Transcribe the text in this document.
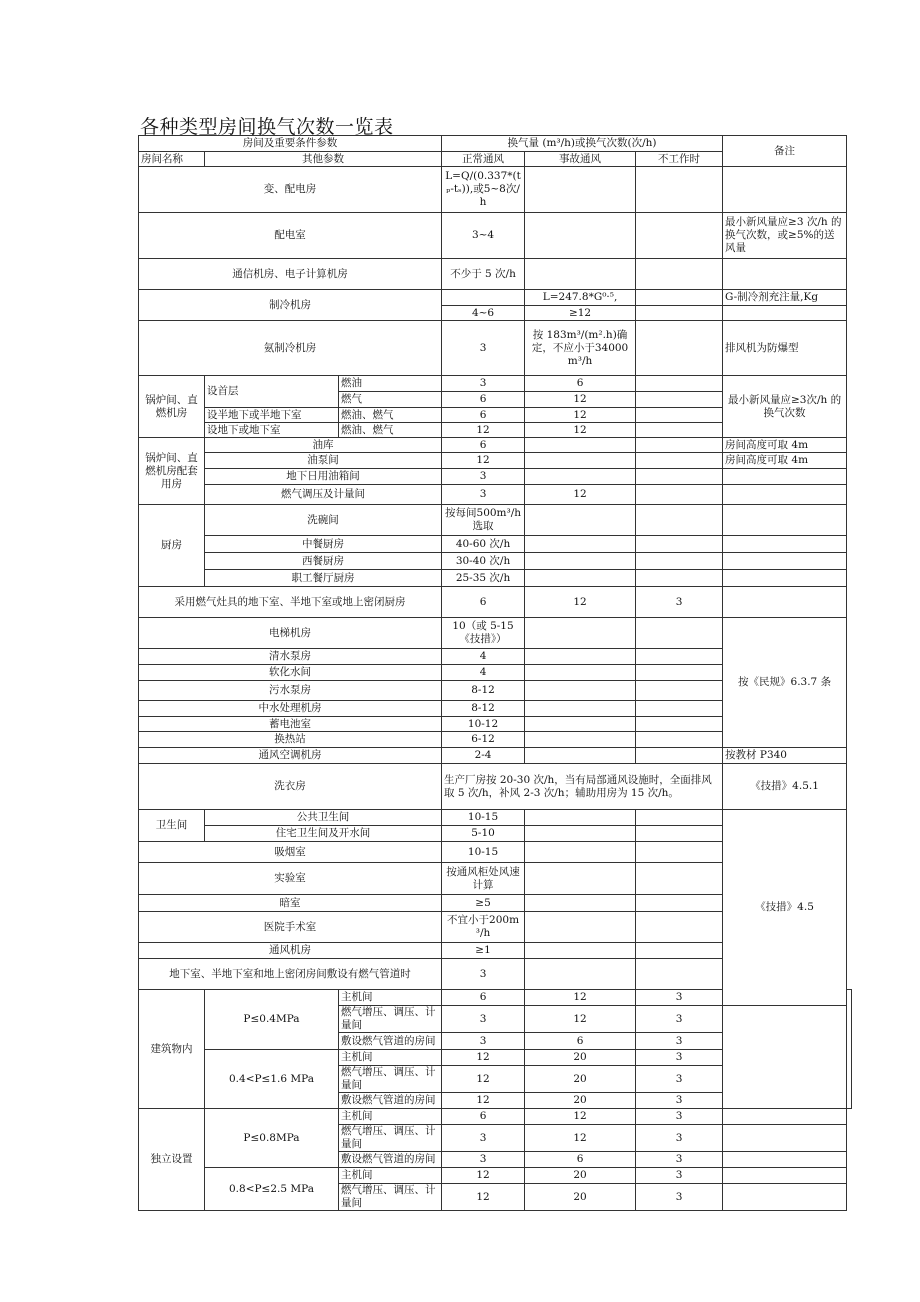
各种类型房间换气次数一览表
房间及重要条件参数			换气量 (m³/h)或换气次数(次/h)			备注	
房间名称	其他参数		正常通风	事故通风	不工作时		
变、配电房			L=Q/(0.337*(tₚ-tₛ)),或5~8次/h				
配电室			3~4			最小新风量应≥3 次/h 的换气次数，或≥5%的送风量	
通信机房、电子计算机房			不少于 5 次/h				
制冷机房				L=247.8*G⁰·⁵,		G-制冷剂充注量,Kg	
			4~6	≥12			
氨制冷机房			3	按 183m³/(m².h)确定，不应小于34000m³/h		排风机为防爆型	
锅炉间、直燃机房	设首层	燃油	3	6		最小新风量应≥3次/h 的换气次数	
		燃气	6	12			
	设半地下或半地下室	燃油、燃气	6	12			
	设地下或地下室	燃油、燃气	12	12			
锅炉间、直燃机房配套用房	油库		6			房间高度可取 4m	
	油泵间		12			房间高度可取 4m	
	地下日用油箱间		3				
	燃气调压及计量间		3	12			
厨房	洗碗间		按每间500m³/h 选取				
	中餐厨房		40-60 次/h				
	西餐厨房		30-40 次/h				
	职工餐厅厨房		25-35 次/h				
采用燃气灶具的地下室、半地下室或地上密闭厨房			6	12	3		
电梯机房			10（或 5-15《技措》）			按《民规》6.3.7 条	
清水泵房			4				
软化水间			4				
污水泵房			8-12				
中水处理机房			8-12				
蓄电池室			10-12				
换热站			6-12				
通风空调机房			2-4			按教材 P340	
洗衣房			生产厂房按 20-30 次/h，当有局部通风设施时，全面排风取 5 次/h，补风 2-3 次/h；辅助用房为 15 次/h。			《技措》4.5.1	
卫生间	公共卫生间		10-15			《技措》4.5	
	住宅卫生间及开水间		5-10				
吸烟室			10-15				
实验室			按通风柜处风速计算				
暗室			≥5				
医院手术室			不宜小于200m³/h				
通风机房			≥1				
地下室、半地下室和地上密闭房间敷设有燃气管道时			3				
建筑物内	P≤0.4MPa	主机间	6	12	3		
		燃气增压、调压、计量间	3	12	3		
		敷设燃气管道的房间	3	6	3		
	0.4<P≤1.6 MPa	主机间	12	20	3		
		燃气增压、调压、计量间	12	20	3		
		敷设燃气管道的房间	12	20	3		
独立设置	P≤0.8MPa	主机间	6	12	3		
		燃气增压、调压、计量间	3	12	3		
		敷设燃气管道的房间	3	6	3		
	0.8<P≤2.5 MPa	主机间	12	20	3		
		燃气增压、调压、计量间	12	20	3		
